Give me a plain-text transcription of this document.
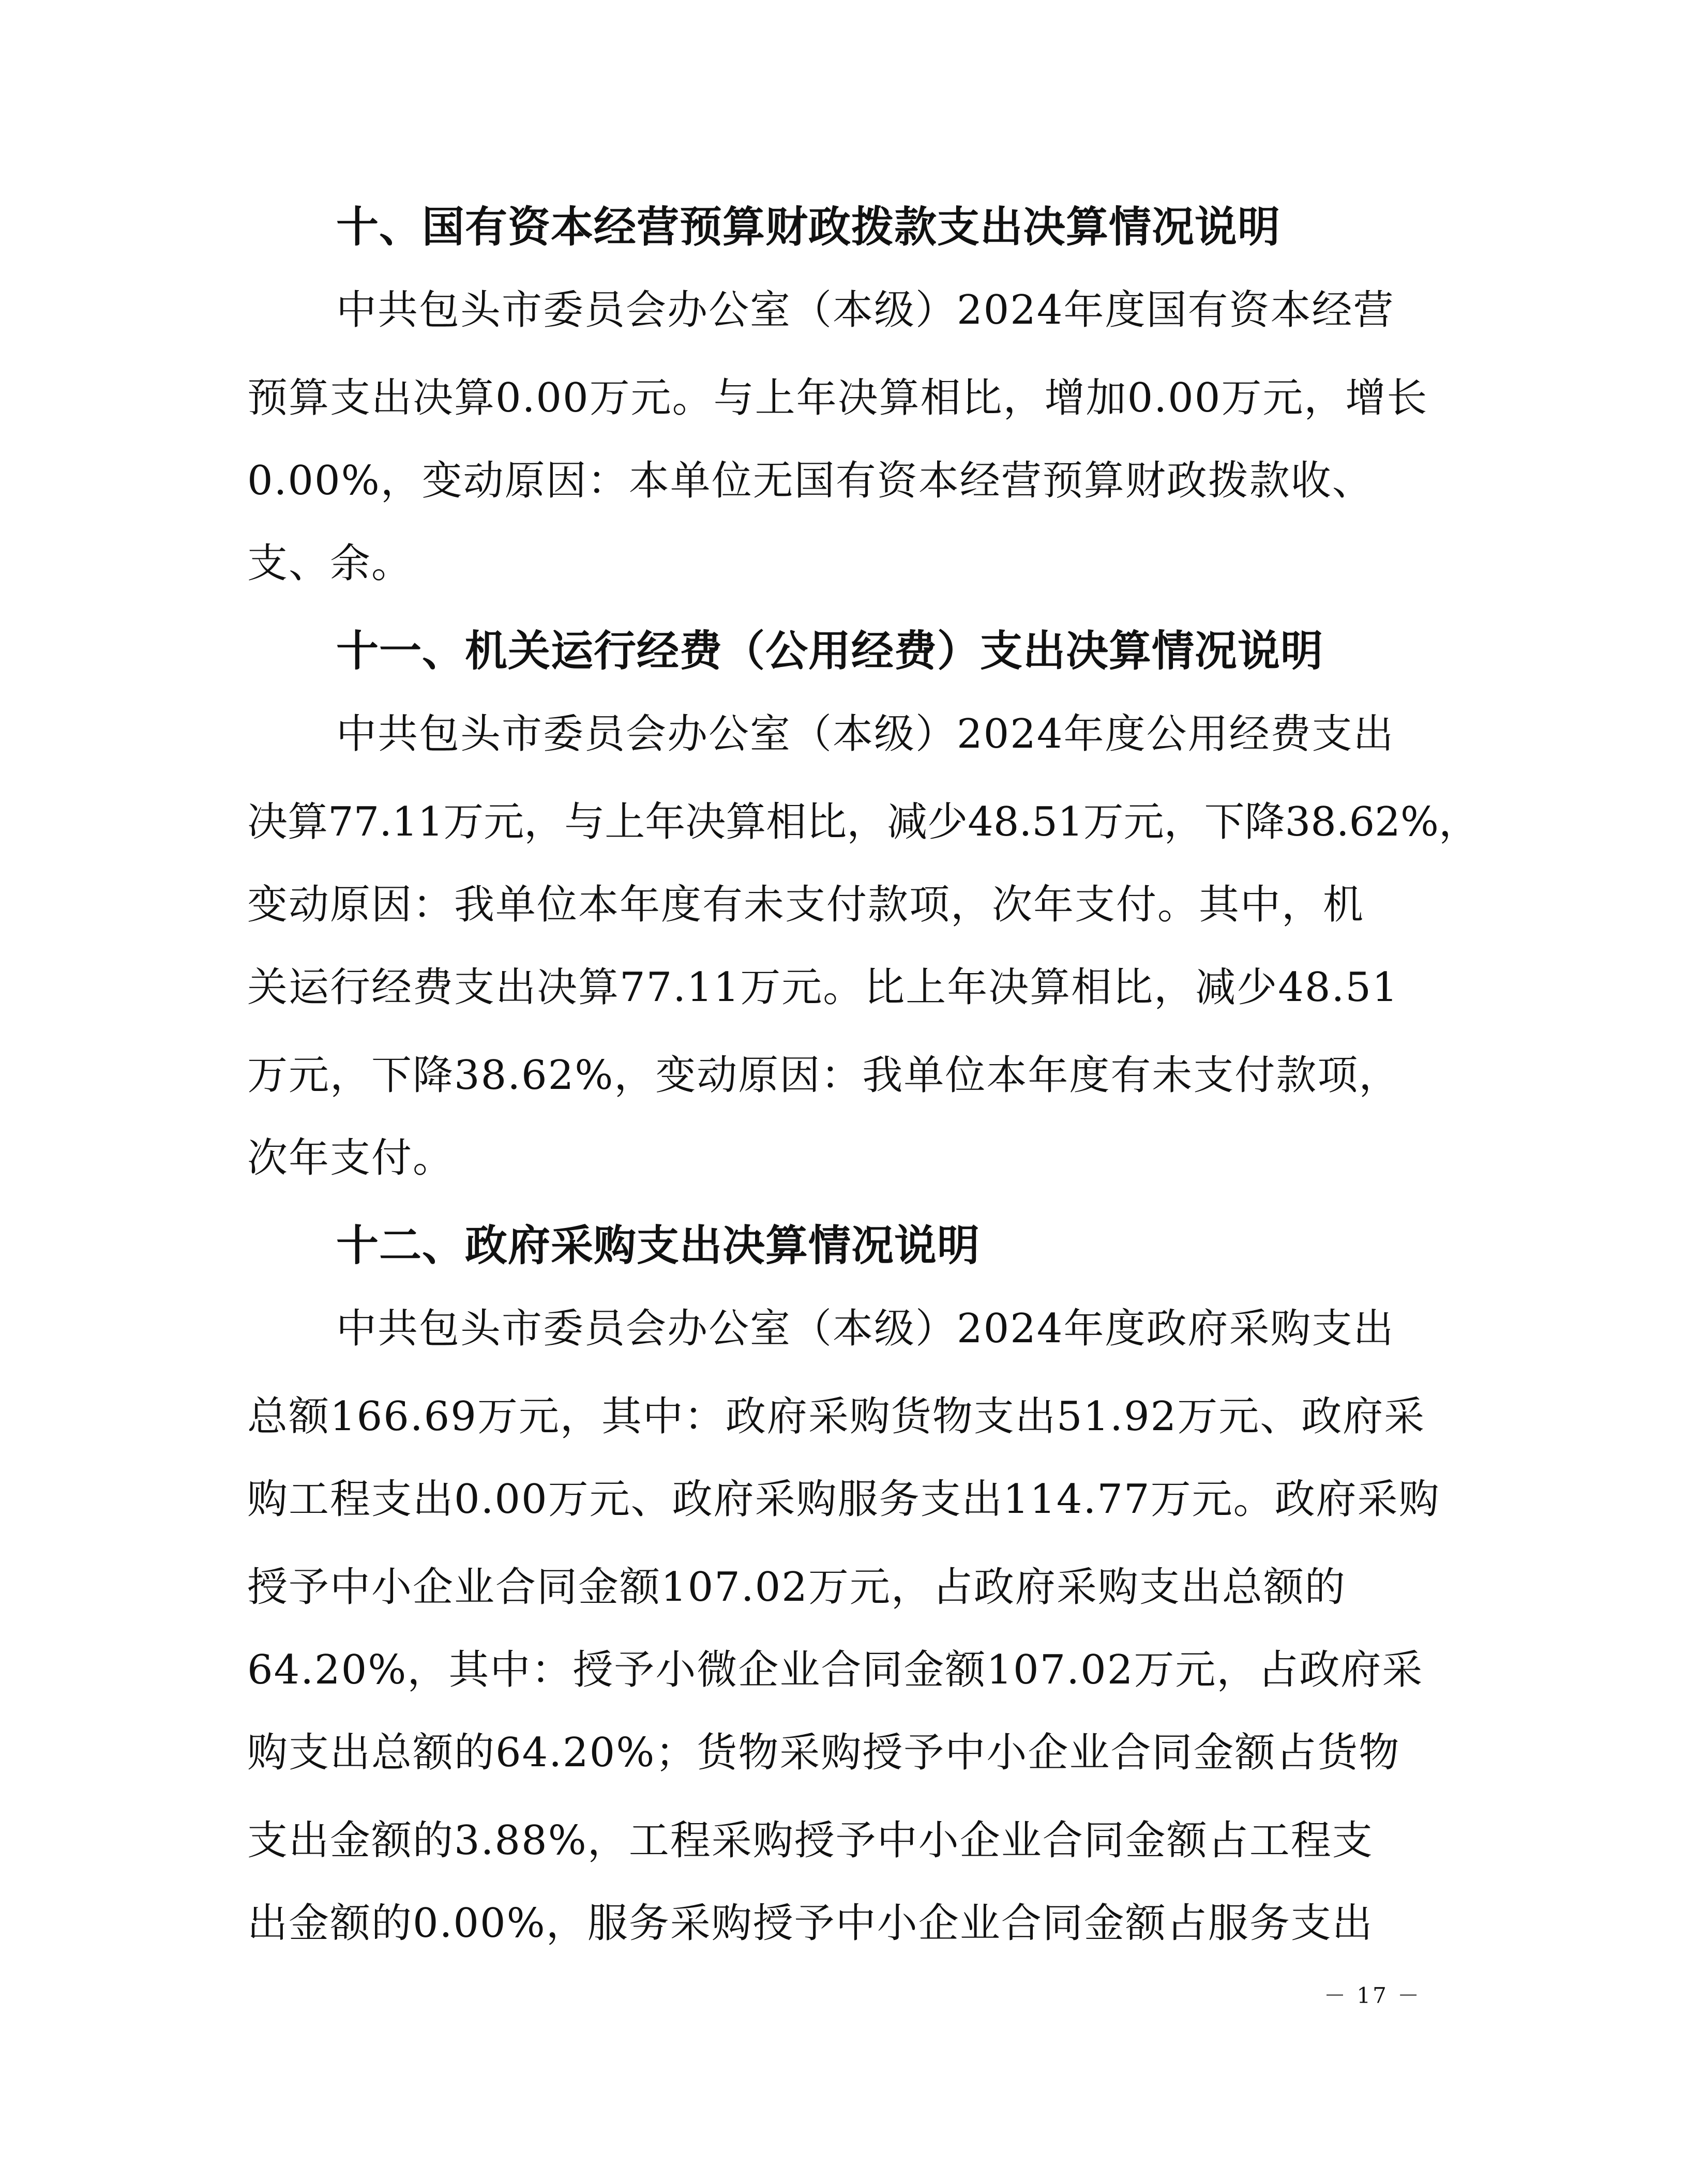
十、国有资本经营预算财政拨款支出决算情况说明
中共包头市委员会办公室（本级）2024年度国有资本经营
预算支出决算0.00万元。与上年决算相比，增加0.00万元，增长
0.00%，变动原因：本单位无国有资本经营预算财政拨款收、
支、余。
十一、机关运行经费（公用经费）支出决算情况说明
中共包头市委员会办公室（本级）2024年度公用经费支出
决算77.11万元，与上年决算相比，减少48.51万元，下降38.62%，
变动原因：我单位本年度有未支付款项，次年支付。其中，机
关运行经费支出决算77.11万元。比上年决算相比，减少48.51
万元，下降38.62%，变动原因：我单位本年度有未支付款项，
次年支付。
十二、政府采购支出决算情况说明
中共包头市委员会办公室（本级）2024年度政府采购支出
总额166.69万元，其中：政府采购货物支出51.92万元、政府采
购工程支出0.00万元、政府采购服务支出114.77万元。政府采购
授予中小企业合同金额107.02万元，占政府采购支出总额的
64.20%，其中：授予小微企业合同金额107.02万元，占政府采
购支出总额的64.20%；货物采购授予中小企业合同金额占货物
支出金额的3.88%，工程采购授予中小企业合同金额占工程支
出金额的0.00%，服务采购授予中小企业合同金额占服务支出
－ 17 －
